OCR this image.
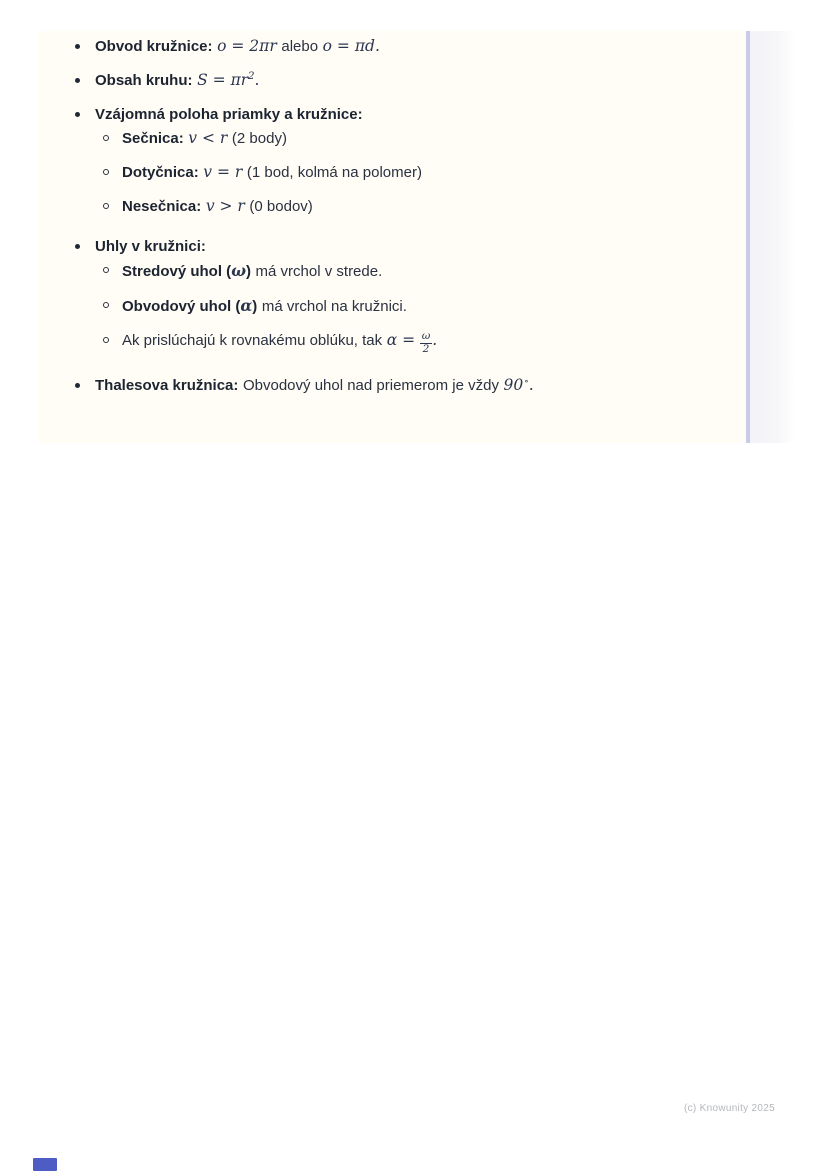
Obvod kružnice: o = 2πr alebo o = πd.
Obsah kruhu: $S = \pi r^2$.
Vzájomná poloha priamky a kružnice:
Sečnica: v < r (2 body)
Dotyčnica: v = r (1 bod, kolmá na polomer)
Nesečnica: v > r (0 bodov)
Uhly v kružnici:
Stredový uhol (ω) má vrchol v strede.
Obvodový uhol (α) má vrchol na kružnici.
Ak prislúchajú k rovnakému oblúku, tak $\alpha = \frac{\omega}{2}$ .
Thalesova kružnica: Obvodový uhol nad priemerom je vždy 90∘.
(c) Knowunity 2025
